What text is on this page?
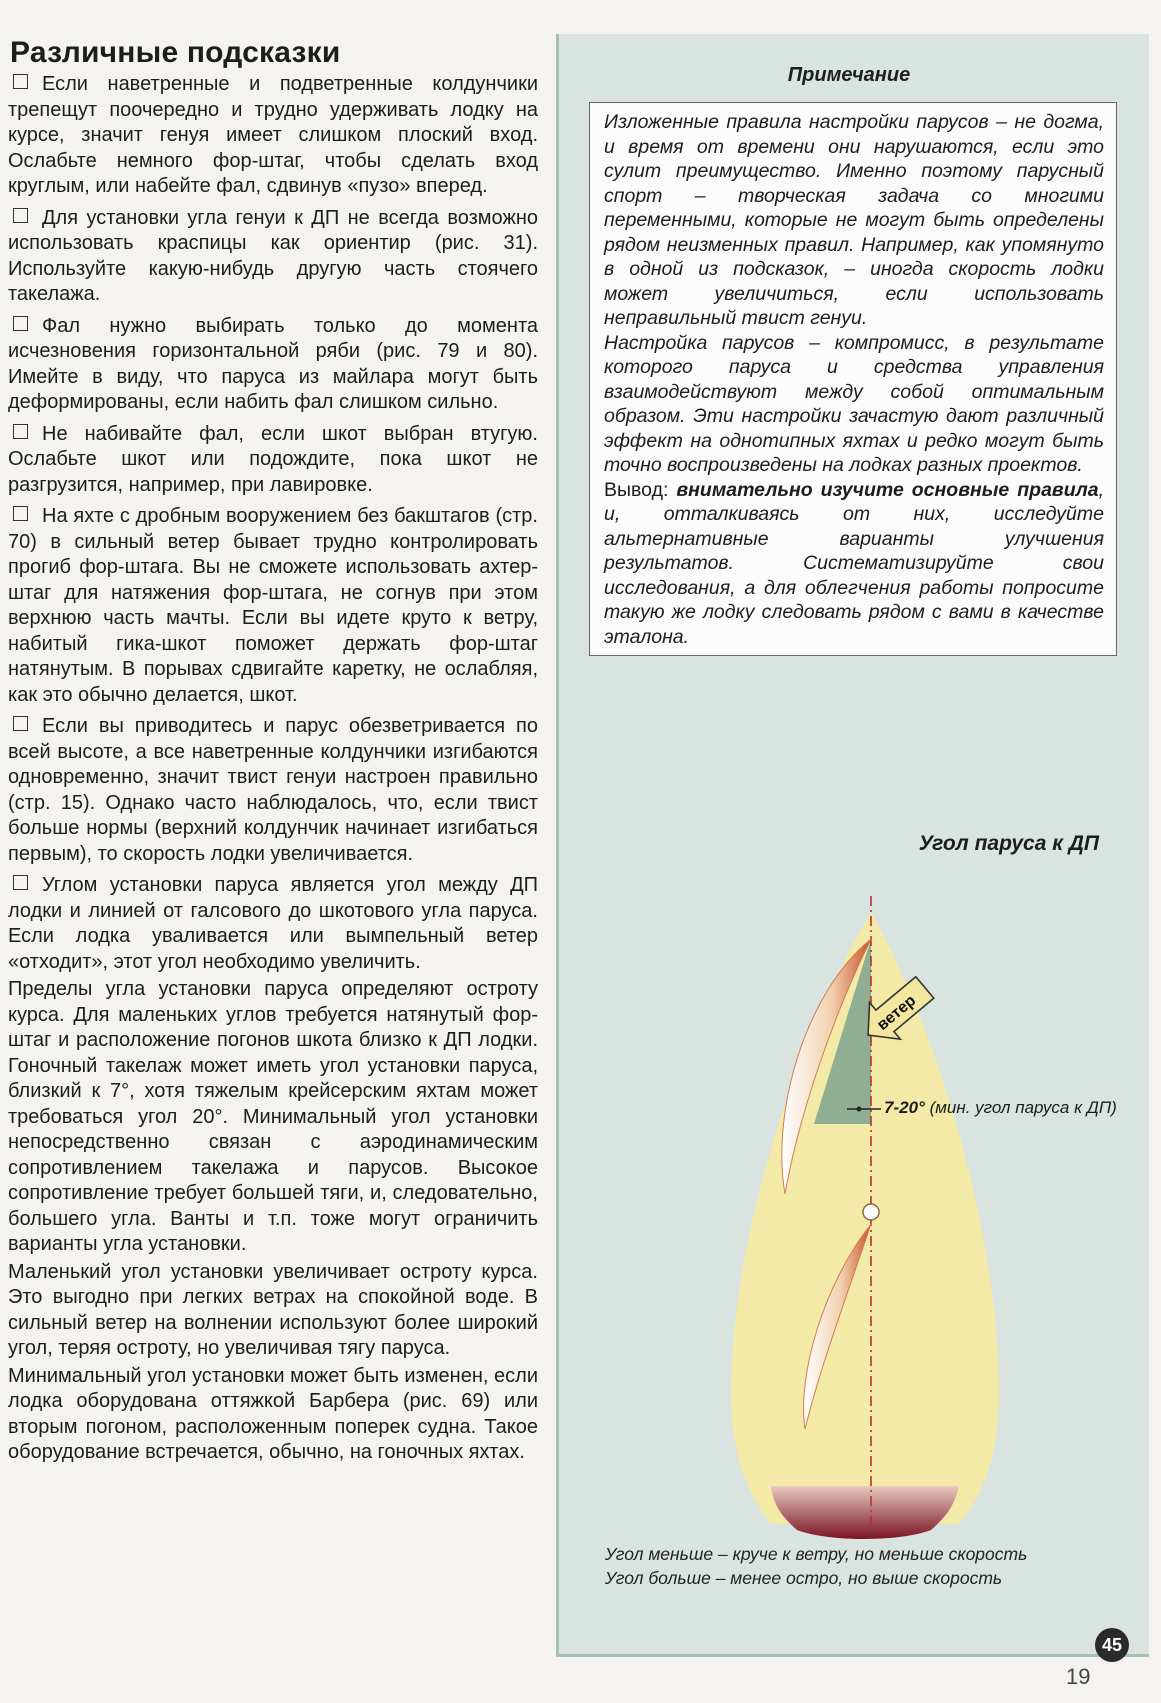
Различные подсказки

Если наветренные и подветренные колдунчики трепещут поочередно и трудно удерживать лодку на курсе, значит генуя имеет слишком плоский вход. Ослабьте немного фор-штаг, чтобы сделать вход круглым, или набейте фал, сдвинув «пузо» вперед.

Для установки угла генуи к ДП не всегда возможно использовать краспицы как ориентир (рис. 31). Используйте какую-нибудь другую часть стоячего такелажа.

Фал нужно выбирать только до момента исчезновения горизонтальной ряби (рис. 79 и 80). Имейте в виду, что паруса из майлара могут быть деформированы, если набить фал слишком сильно.

Не набивайте фал, если шкот выбран втугую. Ослабьте шкот или подождите, пока шкот не разгрузится, например, при лавировке.

На яхте с дробным вооружением без бакштагов (стр. 70) в сильный ветер бывает трудно контролировать прогиб фор-штага. Вы не сможете использовать ахтер-штаг для натяжения фор-штага, не согнув при этом верхнюю часть мачты. Если вы идете круто к ветру, набитый гика-шкот поможет держать фор-штаг натянутым. В порывах сдвигайте каретку, не ослабляя, как это обычно делается, шкот.

Если вы приводитесь и парус обезветривается по всей высоте, а все наветренные колдунчики изгибаются одновременно, значит твист генуи настроен правильно (стр. 15). Однако часто наблюдалось, что, если твист больше нормы (верхний колдунчик начинает изгибаться первым), то скорость лодки увеличивается.

Углом установки паруса является угол между ДП лодки и линией от галсового до шкотового угла паруса. Если лодка уваливается или вымпельный ветер «отходит», этот угол необходимо увеличить.

Пределы угла установки паруса определяют остроту курса. Для маленьких углов требуется натянутый фор-штаг и расположение погонов шкота близко к ДП лодки. Гоночный такелаж может иметь угол установки паруса, близкий к 7°, хотя тяжелым крейсерским яхтам может требоваться угол 20°. Минимальный угол установки непосредственно связан с аэродинамическим сопротивлением такелажа и парусов. Высокое сопротивление требует большей тяги, и, следовательно, большего угла. Ванты и т.п. тоже могут ограничить варианты угла установки.

Маленький угол установки увеличивает остроту курса. Это выгодно при легких ветрах на спокойной воде. В сильный ветер на волнении используют более широкий угол, теряя остроту, но увеличивая тягу паруса.

Минимальный угол установки может быть изменен, если лодка оборудована оттяжкой Барбера (рис. 69) или вторым погоном, расположенным поперек судна. Такое оборудование встречается, обычно, на гоночных яхтах.

Примечание

Изложенные правила настройки парусов – не догма, и время от времени они нарушаются, если это сулит преимущество. Именно поэтому парусный спорт – творческая задача со многими переменными, которые не могут быть определены рядом неизменных правил. Например, как упомянуто в одной из подсказок, – иногда скорость лодки может увеличиться, если использовать неправильный твист генуи.

Настройка парусов – компромисс, в результате которого паруса и средства управления взаимодействуют между собой оптимальным образом. Эти настройки зачастую дают различный эффект на однотипных яхтах и редко могут быть точно воспроизведены на лодках разных проектов.

Вывод: внимательно изучите основные правила, и, отталкиваясь от них, исследуйте альтернативные варианты улучшения результатов. Систематизируйте свои исследования, а для облегчения работы попросите такую же лодку следовать рядом с вами в качестве эталона.

Угол паруса к ДП
ветер
7-20° (мин. угол паруса к ДП)
Угол меньше – круче к ветру, но меньше скорость
Угол больше – менее остро, но выше скорость
45
19
